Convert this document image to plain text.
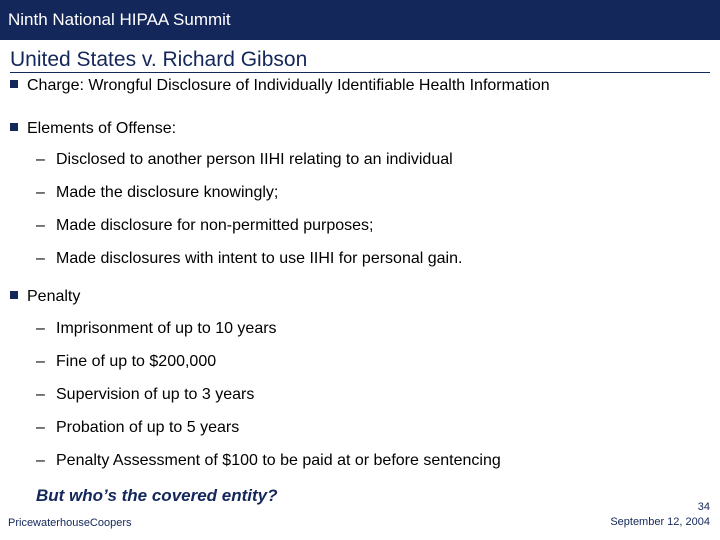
Ninth National HIPAA Summit
United States v. Richard Gibson
Charge: Wrongful Disclosure of Individually Identifiable Health Information
Elements of Offense:
– Disclosed to another person IIHI relating to an individual
– Made the disclosure knowingly;
– Made disclosure for non-permitted purposes;
– Made disclosures with intent to use IIHI for personal gain.
Penalty
– Imprisonment of up to 10 years
– Fine of up to $200,000
– Supervision of up to 3 years
– Probation of up to 5 years
– Penalty Assessment of $100 to be paid at or before sentencing
But who’s the covered entity?
PricewaterhouseCoopers
34
September 12, 2004
